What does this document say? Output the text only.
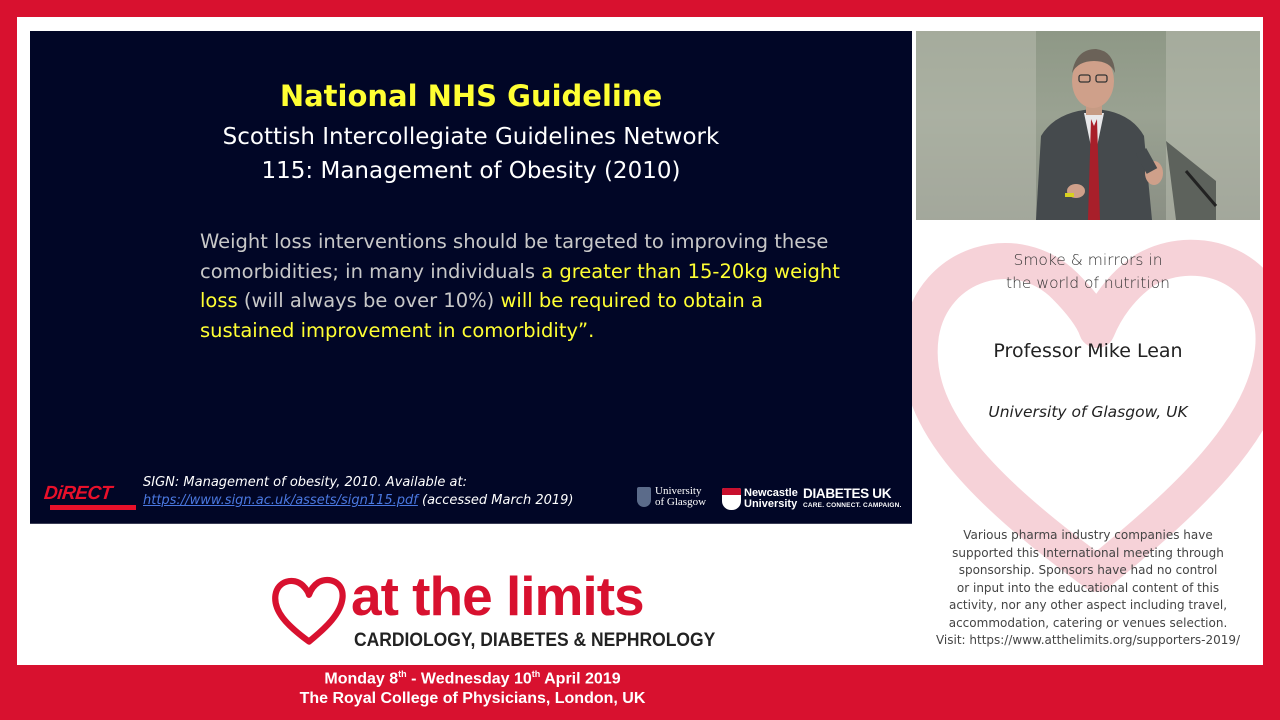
National NHS Guideline
Scottish Intercollegiate Guidelines Network
115: Management of Obesity (2010)
Weight loss interventions should be targeted to improving these comorbidities; in many individuals a greater than 15-20kg weight loss (will always be over 10%) will be required to obtain a sustained improvement in comorbidity”.
DiRECT
SIGN: Management of obesity, 2010. Available at:
https://www.sign.ac.uk/assets/sign115.pdf (accessed March 2019)
University
of Glasgow
Newcastle
University
DIABETES UK
CARE. CONNECT. CAMPAIGN.
Smoke & mirrors in
the world of nutrition
Professor Mike Lean
University of Glasgow, UK
Various pharma industry companies have
supported this International meeting through
sponsorship. Sponsors have had no control
or input into the educational content of this
activity, nor any other aspect including travel,
accommodation, catering or venues selection.
Visit: https://www.atthelimits.org/supporters-2019/
at the limits
CARDIOLOGY, DIABETES & NEPHROLOGY
Monday 8th - Wednesday 10th April 2019
The Royal College of Physicians, London, UK
